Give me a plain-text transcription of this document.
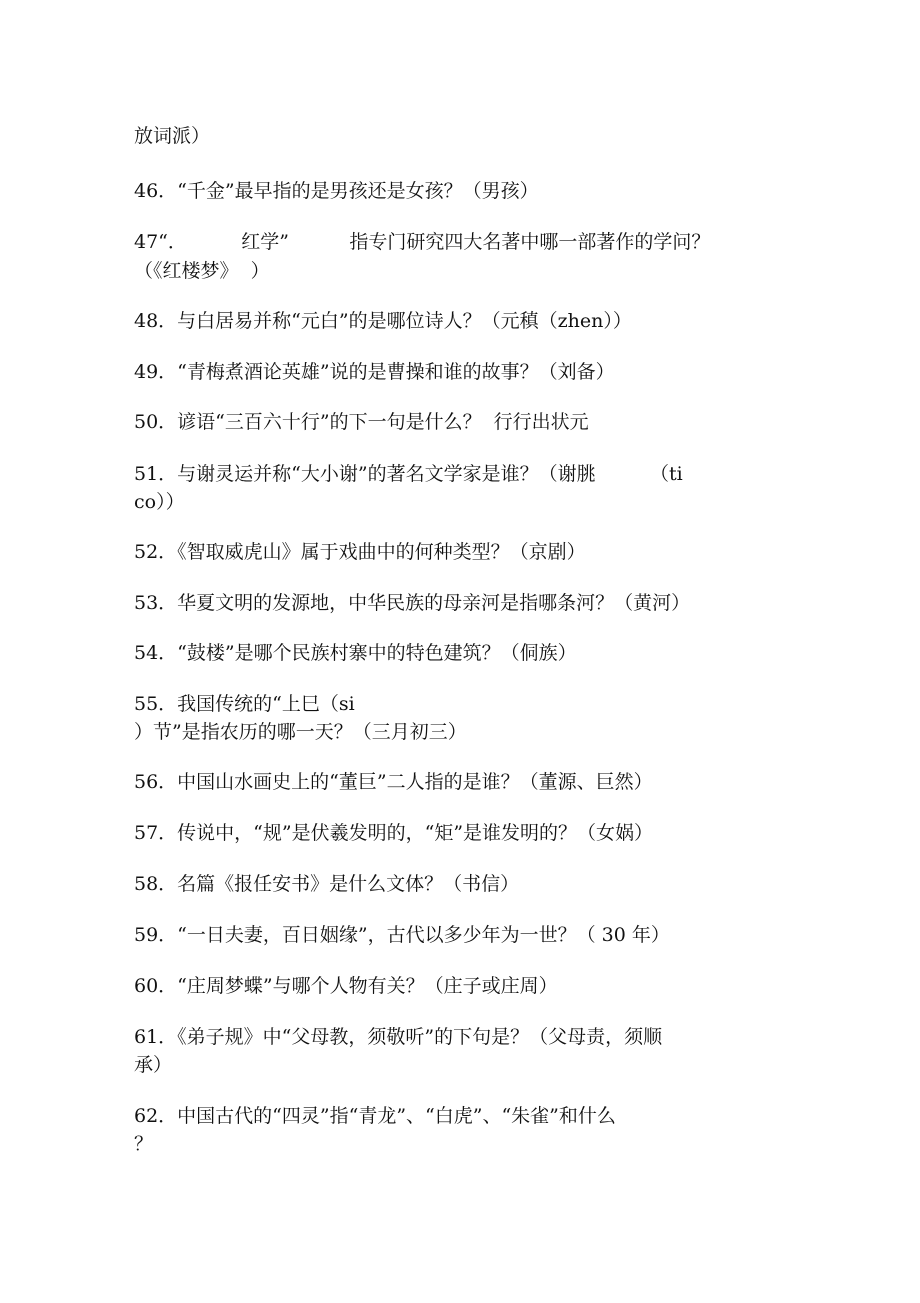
放词派）
46．“千金”最早指的是男孩还是女孩？（男孩）
47“．         红学”          指专门研究四大名著中哪一部著作的学问？
（《红楼梦》  ）
48．与白居易并称“元白”的是哪位诗人？（元稹（zhen））
49．“青梅煮酒论英雄”说的是曹操和谁的故事？（刘备）
50．谚语“三百六十行”的下一句是什么？  行行出状元
51．与谢灵运并称“大小谢”的著名文学家是谁？（谢朓         （ti
co））
52．《智取威虎山》属于戏曲中的何种类型？（京剧）
53．华夏文明的发源地，中华民族的母亲河是指哪条河？（黄河）
54．“鼓楼”是哪个民族村寨中的特色建筑？（侗族）
55．我国传统的“上巳（si
）节”是指农历的哪一天？（三月初三）
56．中国山水画史上的“董巨”二人指的是谁？（董源、巨然）
57．传说中，“规”是伏羲发明的，“矩”是谁发明的？（女娲）
58．名篇《报任安书》是什么文体？（书信）
59．“一日夫妻，百日姻缘”，古代以多少年为一世？（ 30 年）
60．“庄周梦蝶”与哪个人物有关？（庄子或庄周）
61．《弟子规》中“父母教，须敬听”的下句是？（父母责，须顺
承）
62．中国古代的“四灵”指“青龙”、“白虎”、“朱雀”和什么
？
